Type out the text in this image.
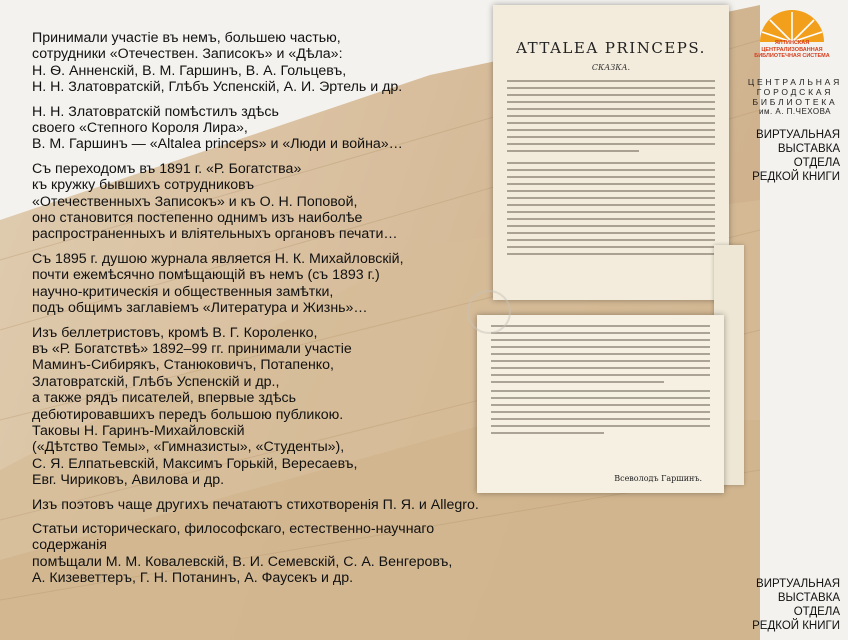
Принимали участiе въ немъ, большею частью,
сотрудники «Отечествен. Записокъ» и «Дѣла»:
Н. Ѳ. Анненскiй, В. М. Гаршинъ, В. А. Гольцевъ,
Н. Н. Златовратскiй, Глѣбъ Успенскiй, А. И. Эртель и др.

Н. Н. Златовратскiй помѣстилъ здѣсь
своего «Степного Короля Лира»,
В. М. Гаршинъ — «Altalea princeps» и «Люди и война»…

Съ переходомъ въ 1891 г. «Р. Богатства»
къ кружку бывшихъ сотрудниковъ
«Отечественныхъ Записокъ» и къ О. Н. Поповой,
оно становится постепенно однимъ изъ наиболѣе
распространенныхъ и влiятельныхъ органовъ печати…

Съ 1895 г. душою журнала является Н. К. Михайловскiй,
почти ежемѣсячно помѣщающiй въ немъ (съ 1893 г.)
научно-критическiя и общественныя замѣтки,
подъ общимъ заглавiемъ «Литература и Жизнь»…

Изъ беллетристовъ, кромѣ В. Г. Короленко,
въ «Р. Богатствѣ» 1892–99 гг. принимали участiе
Маминъ-Сибирякъ, Станюковичъ, Потапенко,
Златовратскiй, Глѣбъ Успенскiй и др.,
а также рядъ писателей, впервые здѣсь
дебютировавшихъ передъ большою публикою.
Таковы Н. Гаринъ-Михайловскiй
(«Дѣтство Темы», «Гимназисты», «Студенты»),
С. Я. Елпатьевскiй, Максимъ Горькiй, Вересаевъ,
Евг. Чириковъ, Авилова и др.

Изъ поэтовъ чаще другихъ печатаютъ стихотворенiя П. Я. и Allegro.

Статьи историческаго, философскаго, естественно-научнаго содержанiя
помѣщали М. М. Ковалевскiй, В. И. Семевскiй, С. А. Венгеровъ,
А. Кизеветтеръ, Г. Н. Потанинъ, А. Фаусекъ и др.

ATTALEA PRINCEPS.
СКАЗКА.
Всеволодъ Гаршинъ.
ЯЛТИНСКАЯ ЦЕНТРАЛИЗОВАННАЯ БИБЛИОТЕЧНАЯ СИСТЕМА
ЦЕНТРАЛЬНАЯ
ГОРОДСКАЯ
БИБЛИОТЕКА
им. А. П.ЧЕХОВА
ВИРТУАЛЬНАЯ
ВЫСТАВКА
ОТДЕЛА
РЕДКОЙ КНИГИ
ВИРТУАЛЬНАЯ
ВЫСТАВКА
ОТДЕЛА
РЕДКОЙ КНИГИ
